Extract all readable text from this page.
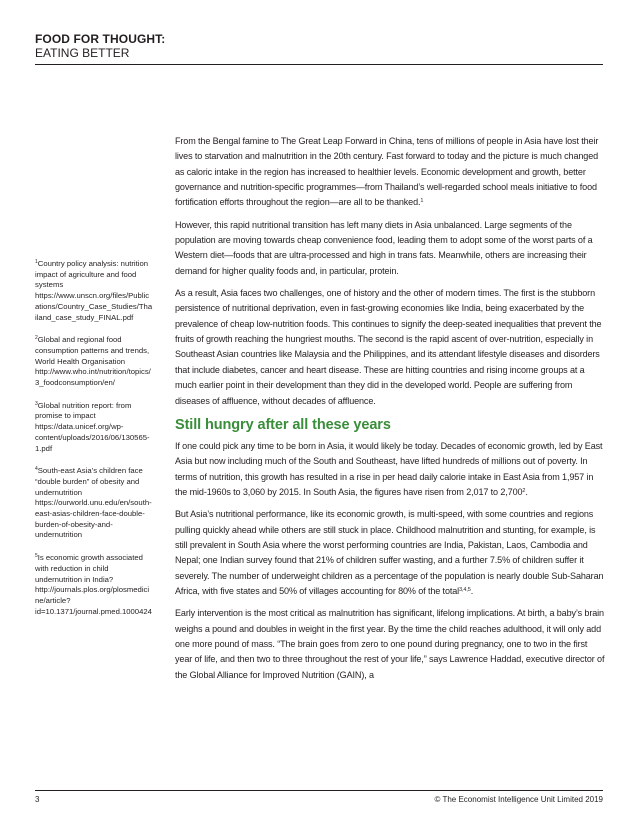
FOOD FOR THOUGHT:
EATING BETTER
$^1$Country policy analysis: nutrition impact of agriculture and food systems https://www.unscn.org/files/Publications/Country_Case_Studies/Thailand_case_study_FINAL.pdf
$^2$Global and regional food consumption patterns and trends, World Health Organisation http://www.who.int/nutrition/topics/3_foodconsumption/en/
$^3$Global nutrition report: from promise to impact https://data.unicef.org/wp-content/uploads/2016/06/130565-1.pdf
$^4$South-east Asia’s children face “double burden” of obesity and undernutrition https://ourworld.unu.edu/en/south-east-asias-children-face-double-burden-of-obesity-and-undernutrition
$^5$Is economic growth associated with reduction in child undernutrition in India? http://journals.plos.org/plosmedicine/article?id=10.1371/journal.pmed.1000424

From the Bengal famine to The Great Leap Forward in China, tens of millions of people in Asia have lost their lives to starvation and malnutrition in the 20th century. Fast forward to today and the picture is much changed as caloric intake in the region has increased to healthier levels. Economic development and growth, better governance and nutrition-specific programmes—from Thailand’s well-regarded school meals initiative to food fortification efforts throughout the region—are all to be thanked.$^1$

However, this rapid nutritional transition has left many diets in Asia unbalanced. Large segments of the population are moving towards cheap convenience food, leading them to adopt some of the worst parts of a Western diet—foods that are ultra-processed and high in trans fats. Meanwhile, others are increasing their demand for higher quality foods and, in particular, protein.

As a result, Asia faces two challenges, one of history and the other of modern times. The first is the stubborn persistence of nutritional deprivation, even in fast-growing economies like India, being exacerbated by the prevalence of cheap low-nutrition foods. This continues to signify the deep-seated inequalities that prevent the fruits of growth reaching the hungriest mouths. The second is the rapid ascent of over-nutrition, especially in Southeast Asian countries like Malaysia and the Philippines, and its attendant lifestyle diseases and disorders that include diabetes, cancer and heart disease. These are hitting countries and rising income groups at a much earlier point in their development than they did in the developed world. People are suffering from diseases of affluence, without decades of affluence.

Still hungry after all these years

If one could pick any time to be born in Asia, it would likely be today. Decades of economic growth, led by East Asia but now including much of the South and Southeast, have lifted hundreds of millions out of poverty. In terms of nutrition, this growth has resulted in a rise in per head daily calorie intake in East Asia from 1,957 in the mid-1960s to 3,060 by 2015. In South Asia, the figures have risen from 2,017 to 2,700$^2$.

But Asia’s nutritional performance, like its economic growth, is multi-speed, with some countries and regions pulling quickly ahead while others are still stuck in place. Childhood malnutrition and stunting, for example, is still prevalent in South Asia where the worst performing countries are India, Pakistan, Laos, Cambodia and Nepal; one Indian survey found that 21% of children suffer wasting, and a further 7.5% of children suffer it severely. The number of underweight children as a percentage of the population is nearly double Sub-Saharan Africa, with five states and 50% of villages accounting for 80% of the total$^{3,4,5}$.

Early intervention is the most critical as malnutrition has significant, lifelong implications. At birth, a baby’s brain weighs a pound and doubles in weight in the first year. By the time the child reaches adulthood, it will only add one more pound of mass. “The brain goes from zero to one pound during pregnancy, one to two in the first year of life, and then two to three throughout the rest of your life,” says Lawrence Haddad, executive director of the Global Alliance for Improved Nutrition (GAIN), a

3	© The Economist Intelligence Unit Limited 2019
